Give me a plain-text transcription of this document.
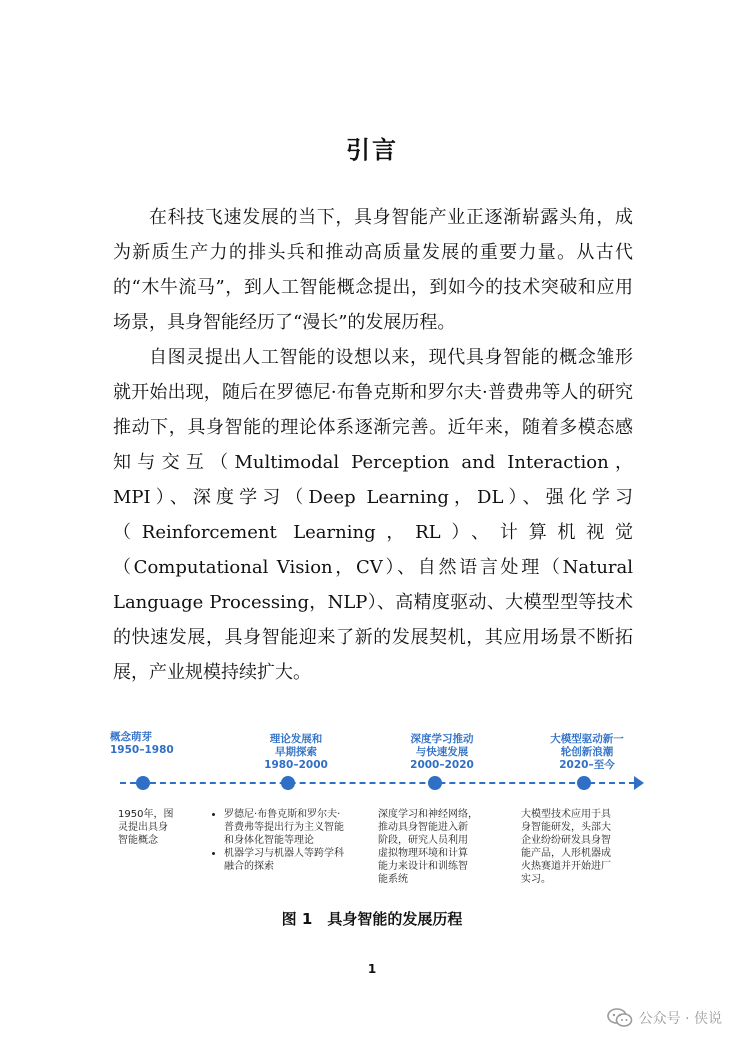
引言

在科技飞速发展的当下，具身智能产业正逐渐崭露头角，成为新质生产力的排头兵和推动高质量发展的重要力量。从古代的“木牛流马”，到人工智能概念提出，到如今的技术突破和应用场景，具身智能经历了“漫长”的发展历程。

自图灵提出人工智能的设想以来，现代具身智能的概念雏形就开始出现，随后在罗德尼·布鲁克斯和罗尔夫·普费弗等人的研究推动下，具身智能的理论体系逐渐完善。近年来，随着多模态感知与交互（Multimodal Perception and Interaction，MPI）、深度学习（Deep Learning，DL）、强化学习（Reinforcement Learning，RL）、计算机视觉（Computational Vision，CV）、自然语言处理（Natural Language Processing，NLP）、高精度驱动、大模型型等技术的快速发展，具身智能迎来了新的发展契机，其应用场景不断拓展，产业规模持续扩大。

概念萌芽
1950–1980
1950年，图
灵提出具身
智能概念
理论发展和
早期探索
1980–2000
• 罗德尼·布鲁克斯和罗尔夫·普费弗等提出行为主义智能和身体化智能等理论
• 机器学习与机器人等跨学科融合的探索
深度学习推动
与快速发展
2000–2020
深度学习和神经网络，
推动具身智能进入新
阶段，研究人员利用
虚拟物理环境和计算
能力来设计和训练智
能系统
大模型驱动新一
轮创新浪潮
2020–至今
大模型技术应用于具
身智能研发，头部大
企业纷纷研发具身智
能产品，人形机器成
火热赛道并开始进厂
实习。
图 1　具身智能的发展历程
1
公众号 · 侠说
